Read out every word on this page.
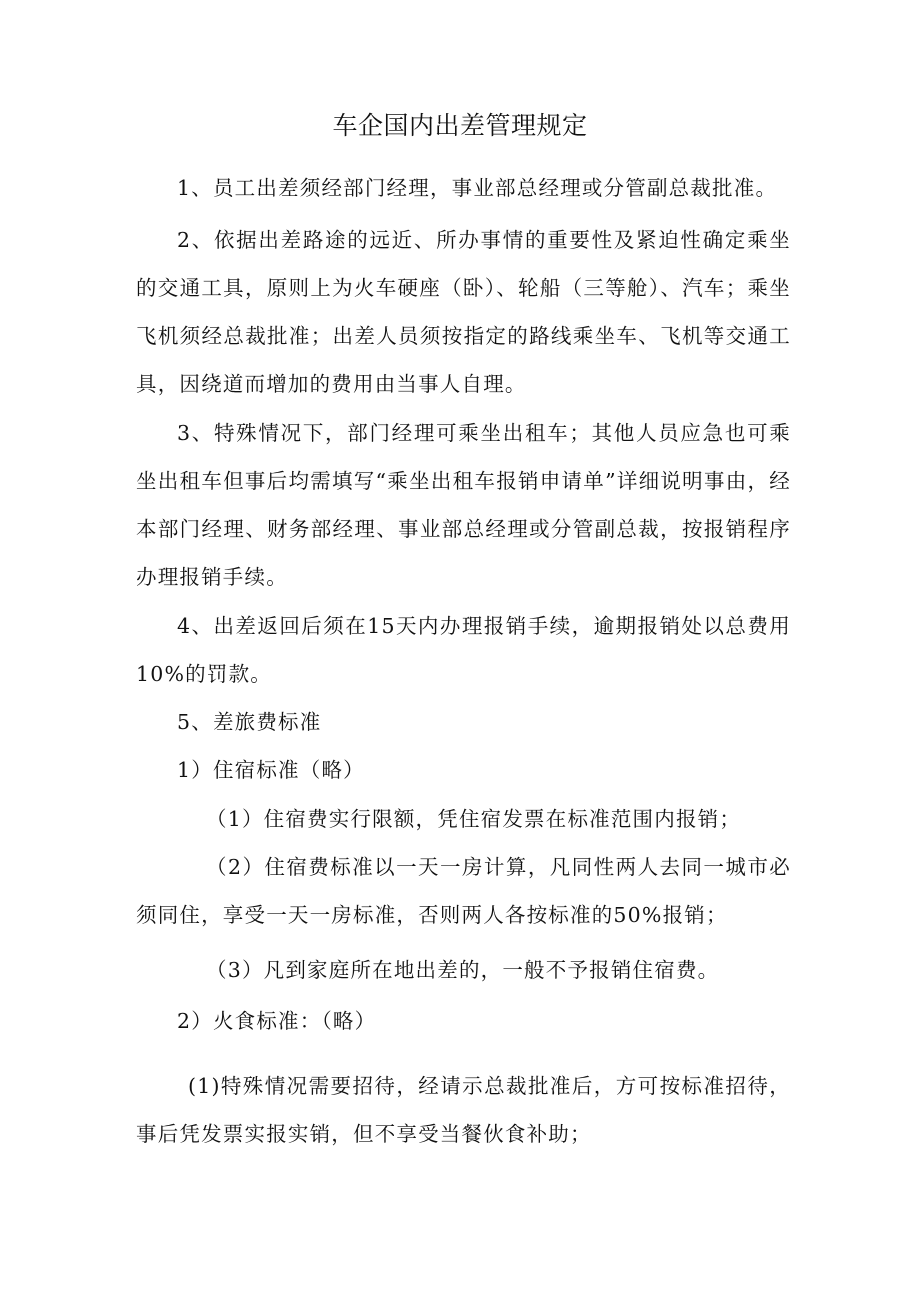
车企国内出差管理规定

1、员工出差须经部门经理，事业部总经理或分管副总裁批准。

2、依据出差路途的远近、所办事情的重要性及紧迫性确定乘坐的交通工具，原则上为火车硬座（卧）、轮船（三等舱）、汽车；乘坐飞机须经总裁批准；出差人员须按指定的路线乘坐车、飞机等交通工具，因绕道而增加的费用由当事人自理。

3、特殊情况下，部门经理可乘坐出租车；其他人员应急也可乘坐出租车但事后均需填写“乘坐出租车报销申请单”详细说明事由，经本部门经理、财务部经理、事业部总经理或分管副总裁，按报销程序办理报销手续。

4、出差返回后须在15天内办理报销手续，逾期报销处以总费用10%的罚款。

5、差旅费标准

1）住宿标准（略）

（1）住宿费实行限额，凭住宿发票在标准范围内报销；

（2）住宿费标准以一天一房计算，凡同性两人去同一城市必须同住，享受一天一房标准，否则两人各按标准的50%报销；

（3）凡到家庭所在地出差的，一般不予报销住宿费。

2）火食标准：（略）

(1)特殊情况需要招待，经请示总裁批准后，方可按标准招待，事后凭发票实报实销，但不享受当餐伙食补助；
